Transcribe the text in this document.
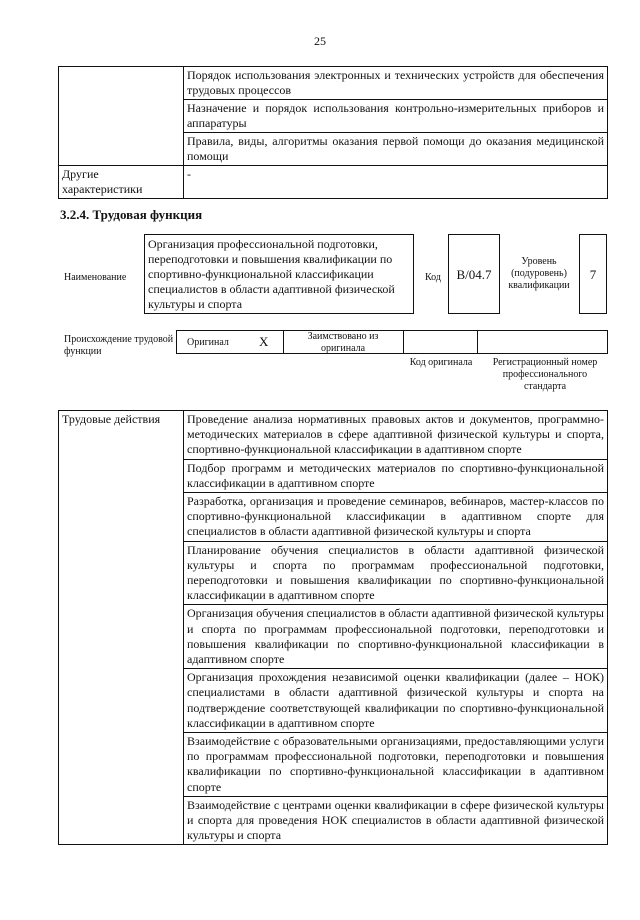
25
	Порядок использования электронных и технических устройств для обеспечения трудовых процессов
	Назначение и порядок использования контрольно-измерительных приборов и аппаратуры
	Правила, виды, алгоритмы оказания первой помощи до оказания медицинской помощи
Другие характеристики	-
3.2.4. Трудовая функция
Наименование
Организация профессиональной подготовки, переподготовки и повышения квалификации по спортивно-функциональной классификации специалистов в области адаптивной физической культуры и спорта
Код	B/04.7
Уровень (подуровень) квалификации
7
Происхождение трудовой функции
Оригинал X	Заимствовано из оригинала
Код оригинала	Регистрационный номер профессионального стандарта
Трудовые действия	Проведение анализа нормативных правовых актов и документов, программно-методических материалов в сфере адаптивной физической культуры и спорта, спортивно-функциональной классификации в адаптивном спорте
Подбор программ и методических материалов по спортивно-функциональной классификации в адаптивном спорте
Разработка, организация и проведение семинаров, вебинаров, мастер-классов по спортивно-функциональной классификации в адаптивном спорте для специалистов в области адаптивной физической культуры и спорта
Планирование обучения специалистов в области адаптивной физической культуры и спорта по программам профессиональной подготовки, переподготовки и повышения квалификации по спортивно-функциональной классификации в адаптивном спорте
Организация обучения специалистов в области адаптивной физической культуры и спорта по программам профессиональной подготовки, переподготовки и повышения квалификации по спортивно-функциональной классификации в адаптивном спорте
Организация прохождения независимой оценки квалификации (далее – НОК) специалистами в области адаптивной физической культуры и спорта на подтверждение соответствующей квалификации по спортивно-функциональной классификации в адаптивном спорте
Взаимодействие с образовательными организациями, предоставляющими услуги по программам профессиональной подготовки, переподготовки и повышения квалификации по спортивно-функциональной классификации в адаптивном спорте
Взаимодействие с центрами оценки квалификации в сфере физической культуры и спорта для проведения НОК специалистов в области адаптивной физической культуры и спорта
